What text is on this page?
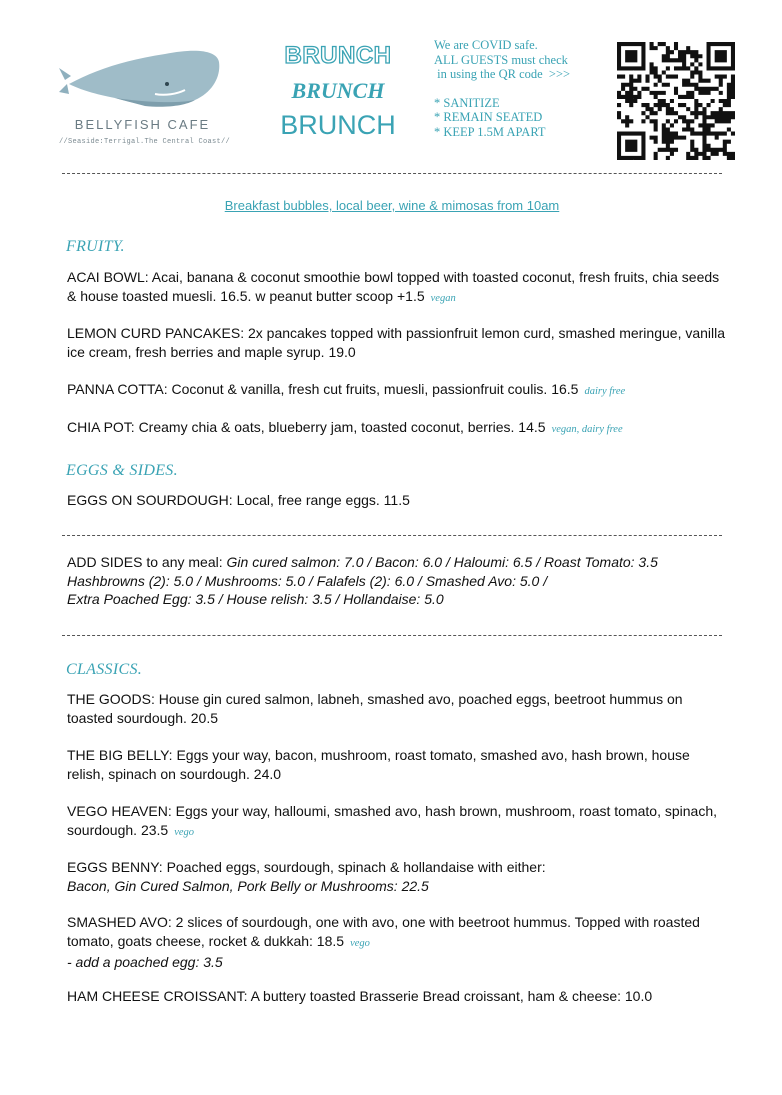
BELLYFISH CAFE
//Seaside:Terrigal.The Central Coast//
BRUNCH
BRUNCH
BRUNCH
We are COVID safe.
ALL GUESTS must check
in using the QR code  >>>
* SANITIZE
* REMAIN SEATED
* KEEP 1.5M APART
Breakfast bubbles, local beer, wine & mimosas from 10am
FRUITY.
ACAI BOWL: Acai, banana & coconut smoothie bowl topped with toasted coconut, fresh fruits, chia seeds & house toasted muesli. 16.5. w peanut butter scoop +1.5 vegan
LEMON CURD PANCAKES: 2x pancakes topped with passionfruit lemon curd, smashed meringue, vanilla ice cream, fresh berries and maple syrup. 19.0
PANNA COTTA: Coconut & vanilla, fresh cut fruits, muesli, passionfruit coulis. 16.5 dairy free
CHIA POT: Creamy chia & oats, blueberry jam, toasted coconut, berries. 14.5 vegan, dairy free
EGGS & SIDES.
EGGS ON SOURDOUGH: Local, free range eggs. 11.5
ADD SIDES to any meal: Gin cured salmon: 7.0 / Bacon: 6.0 / Haloumi: 6.5 / Roast Tomato: 3.5
Hashbrowns (2): 5.0 / Mushrooms: 5.0 / Falafels (2): 6.0 / Smashed Avo: 5.0 /
Extra Poached Egg: 3.5 / House relish: 3.5 / Hollandaise: 5.0
CLASSICS.
THE GOODS: House gin cured salmon, labneh, smashed avo, poached eggs, beetroot hummus on toasted sourdough. 20.5
THE BIG BELLY: Eggs your way, bacon, mushroom, roast tomato, smashed avo, hash brown, house relish, spinach on sourdough. 24.0
VEGO HEAVEN: Eggs your way, halloumi, smashed avo, hash brown, mushroom, roast tomato, spinach, sourdough. 23.5 vego
EGGS BENNY: Poached eggs, sourdough, spinach & hollandaise with either:
Bacon, Gin Cured Salmon, Pork Belly or Mushrooms: 22.5
SMASHED AVO: 2 slices of sourdough, one with avo, one with beetroot hummus. Topped with roasted tomato, goats cheese, rocket & dukkah: 18.5 vego
- add a poached egg: 3.5
HAM CHEESE CROISSANT: A buttery toasted Brasserie Bread croissant, ham & cheese: 10.0
